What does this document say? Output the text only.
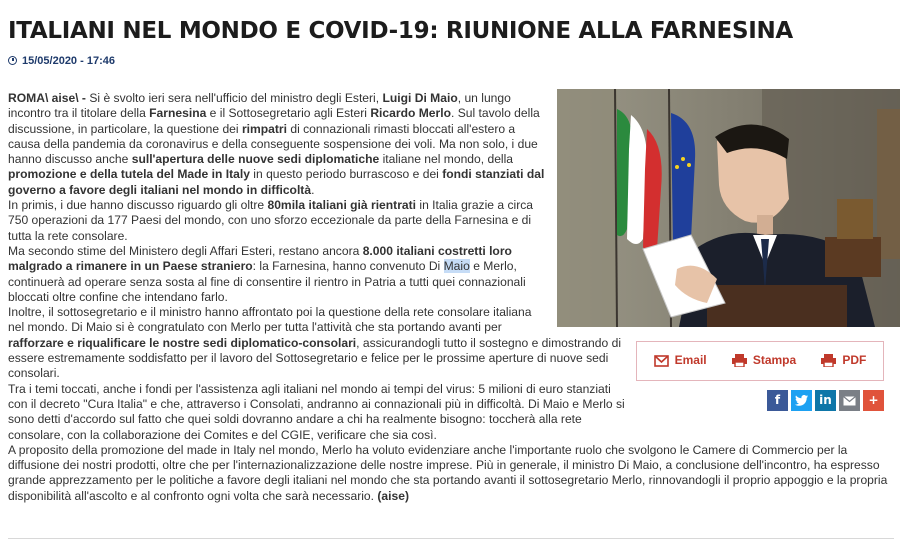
ITALIANI NEL MONDO E COVID-19: RIUNIONE ALLA FARNESINA
15/05/2020 - 17:46
Email	Stampa	PDF
f	in	+
ROMA\ aise\ - Si è svolto ieri sera nell'ufficio del ministro degli Esteri, Luigi Di Maio, un lungo incontro tra il titolare della Farnesina e il Sottosegretario agli Esteri Ricardo Merlo. Sul tavolo della discussione, in particolare, la questione dei rimpatri di connazionali rimasti bloccati all'estero a causa della pandemia da coronavirus e della conseguente sospensione dei voli. Ma non solo, i due hanno discusso anche sull'apertura delle nuove sedi diplomatiche italiane nel mondo, della promozione e della tutela del Made in Italy in questo periodo burrascoso e dei fondi stanziati dal governo a favore degli italiani nel mondo in difficoltà.
In primis, i due hanno discusso riguardo gli oltre 80mila italiani già rientrati in Italia grazie a circa 750 operazioni da 177 Paesi del mondo, con uno sforzo eccezionale da parte della Farnesina e di tutta la rete consolare.
Ma secondo stime del Ministero degli Affari Esteri, restano ancora 8.000 italiani costretti loro malgrado a rimanere in un Paese straniero: la Farnesina, hanno convenuto Di Maio e Merlo, continuerà ad operare senza sosta al fine di consentire il rientro in Patria a tutti quei connazionali bloccati oltre confine che intendano farlo.
Inoltre, il sottosegretario e il ministro hanno affrontato poi la questione della rete consolare italiana nel mondo. Di Maio si è congratulato con Merlo per tutta l'attività che sta portando avanti per rafforzare e riqualificare le nostre sedi diplomatico-consolari, assicurandogli tutto il sostegno e dimostrando di essere estremamente soddisfatto per il lavoro del Sottosegretario e felice per le prossime aperture di nuove sedi consolari.
Tra i temi toccati, anche i fondi per l'assistenza agli italiani nel mondo ai tempi del virus: 5 milioni di euro stanziati con il decreto "Cura Italia" e che, attraverso i Consolati, andranno ai connazionali più in difficoltà. Di Maio e Merlo si sono detti d'accordo sul fatto che quei soldi dovranno andare a chi ha realmente bisogno: toccherà alla rete consolare, con la collaborazione dei Comites e del CGIE, verificare che sia così.
A proposito della promozione del made in Italy nel mondo, Merlo ha voluto evidenziare anche l'importante ruolo che svolgono le Camere di Commercio per la diffusione dei nostri prodotti, oltre che per l'internazionalizzazione delle nostre imprese. Più in generale, il ministro Di Maio, a conclusione dell'incontro, ha espresso grande apprezzamento per le politiche a favore degli italiani nel mondo che sta portando avanti il sottosegretario Merlo, rinnovandogli il proprio appoggio e la propria disponibilità all'ascolto e al confronto ogni volta che sarà necessario. (aise)
